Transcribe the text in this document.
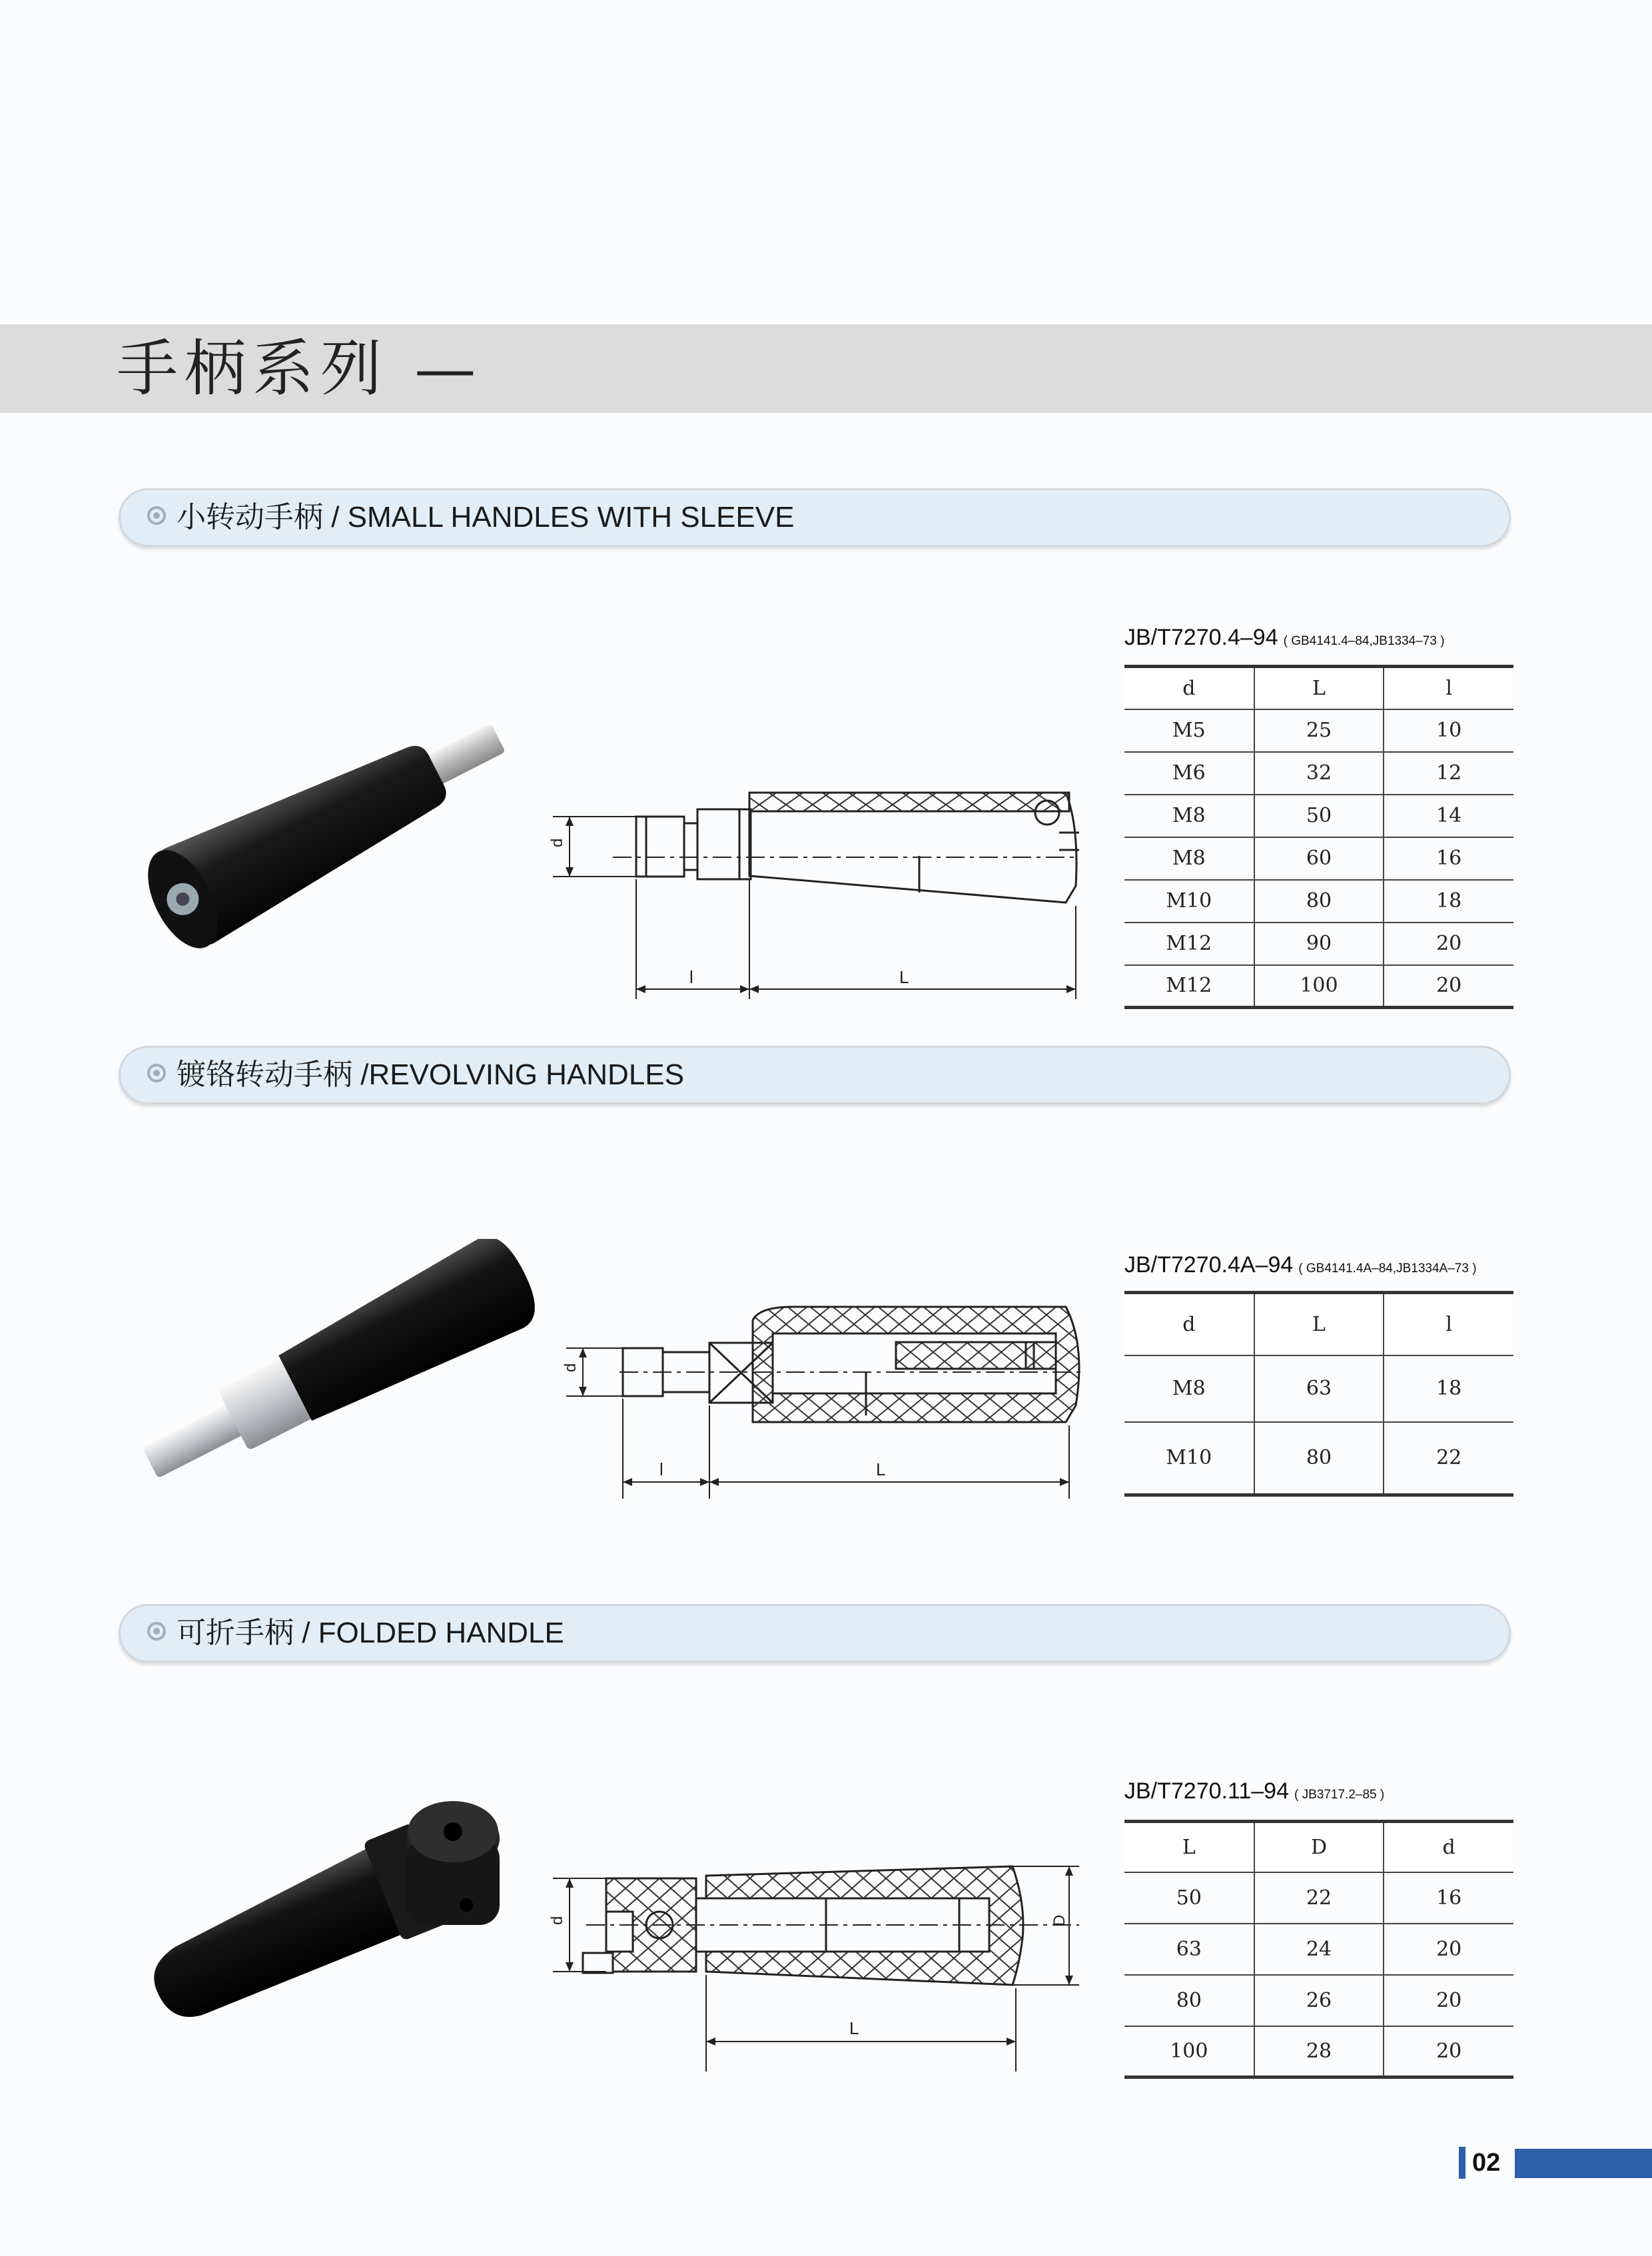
手柄系列 —
小转动手柄 / SMALL HANDLES WITH SLEEVE
JB/T7270.4–94 ( GB4141.4–84,JB1334–73 )
d	L	l
M5	25	10
M6	32	12
M8	50	14
M8	60	16
M10	80	18
M12	90	20
M12	100	20
d
l	L
镀铬转动手柄 /REVOLVING HANDLES
JB/T7270.4A–94 ( GB4141.4A–84,JB1334A–73 )
d	L	l
M8	63	18
M10	80	22
d
l	L
可折手柄 / FOLDED HANDLE
JB/T7270.11–94 ( JB3717.2–85 )
L	D	d
50	22	16
63	24	20
80	26	20
100	28	20
d	D
L
02
